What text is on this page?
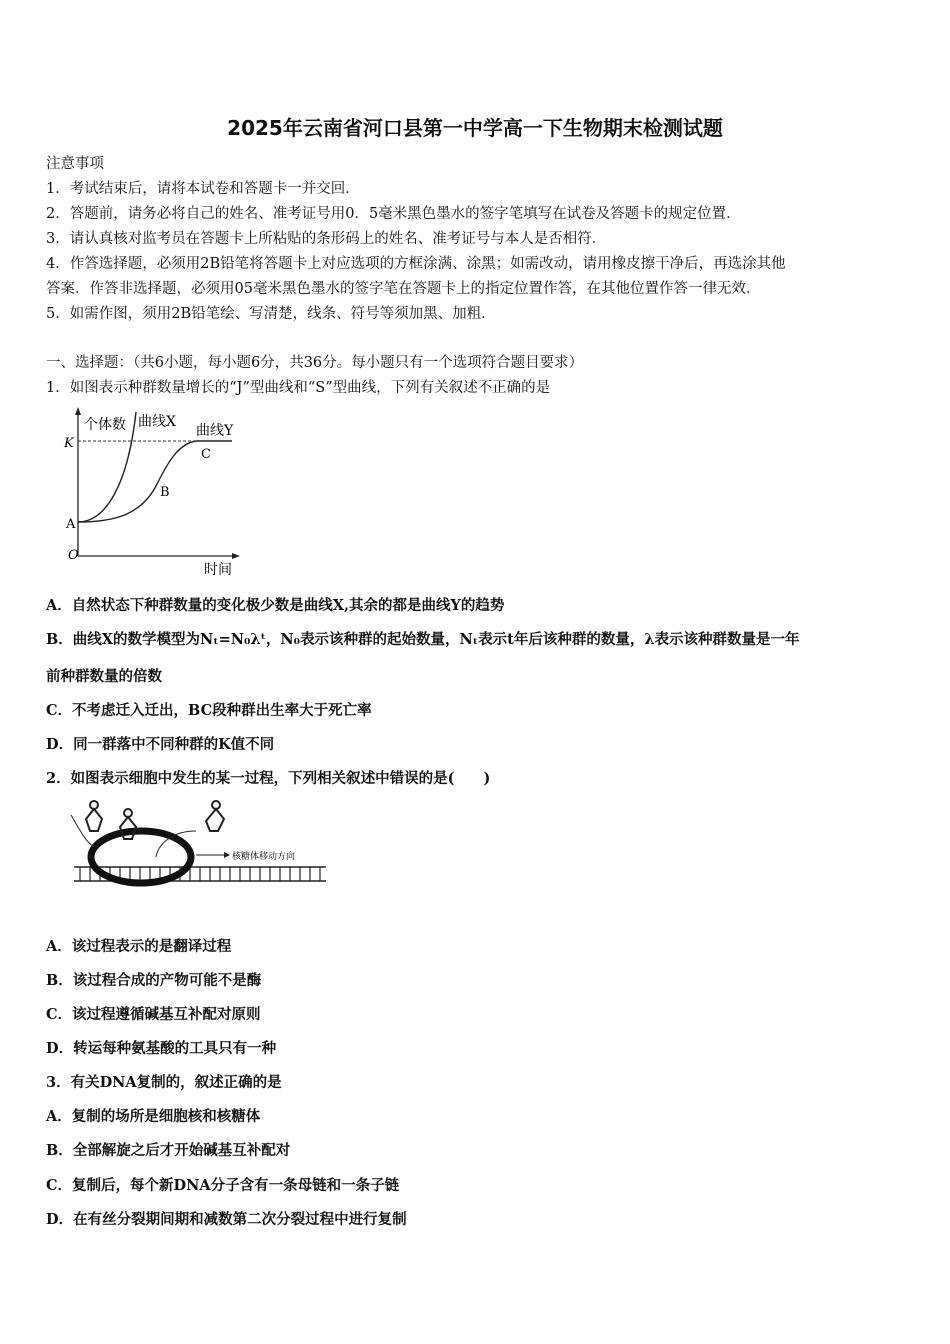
2025年云南省河口县第一中学高一下生物期末检测试题
注意事项
1．考试结束后，请将本试卷和答题卡一并交回．
2．答题前，请务必将自己的姓名、准考证号用0．5毫米黑色墨水的签字笔填写在试卷及答题卡的规定位置．
3．请认真核对监考员在答题卡上所粘贴的条形码上的姓名、准考证号与本人是否相符．
4．作答选择题，必须用2B铅笔将答题卡上对应选项的方框涂满、涂黑；如需改动，请用橡皮擦干净后，再选涂其他
答案．作答非选择题，必须用05毫米黑色墨水的签字笔在答题卡上的指定位置作答，在其他位置作答一律无效．
5．如需作图，须用2B铅笔绘、写清楚，线条、符号等须加黑、加粗．
一、选择题：（共6小题，每小题6分，共36分。每小题只有一个选项符合题目要求）
1．如图表示种群数量增长的“J”型曲线和“S”型曲线，下列有关叙述不正确的是
个体数 曲线X
曲线Y
K
C
B
A
O
时间
A．自然状态下种群数量的变化极少数是曲线X,其余的都是曲线Y的趋势
B．曲线X的数学模型为Nₜ=N₀λᵗ，N₀表示该种群的起始数量，Nₜ表示t年后该种群的数量，λ表示该种群数量是一年
前种群数量的倍数
C．不考虑迁入迁出，BC段种群出生率大于死亡率
D．同一群落中不同种群的K值不同
2．如图表示细胞中发生的某一过程，下列相关叙述中错误的是(　　)
核糖体移动方向
A．该过程表示的是翻译过程
B．该过程合成的产物可能不是酶
C．该过程遵循碱基互补配对原则
D．转运每种氨基酸的工具只有一种
3．有关DNA复制的，叙述正确的是
A．复制的场所是细胞核和核糖体
B．全部解旋之后才开始碱基互补配对
C．复制后，每个新DNA分子含有一条母链和一条子链
D．在有丝分裂期间期和减数第二次分裂过程中进行复制
